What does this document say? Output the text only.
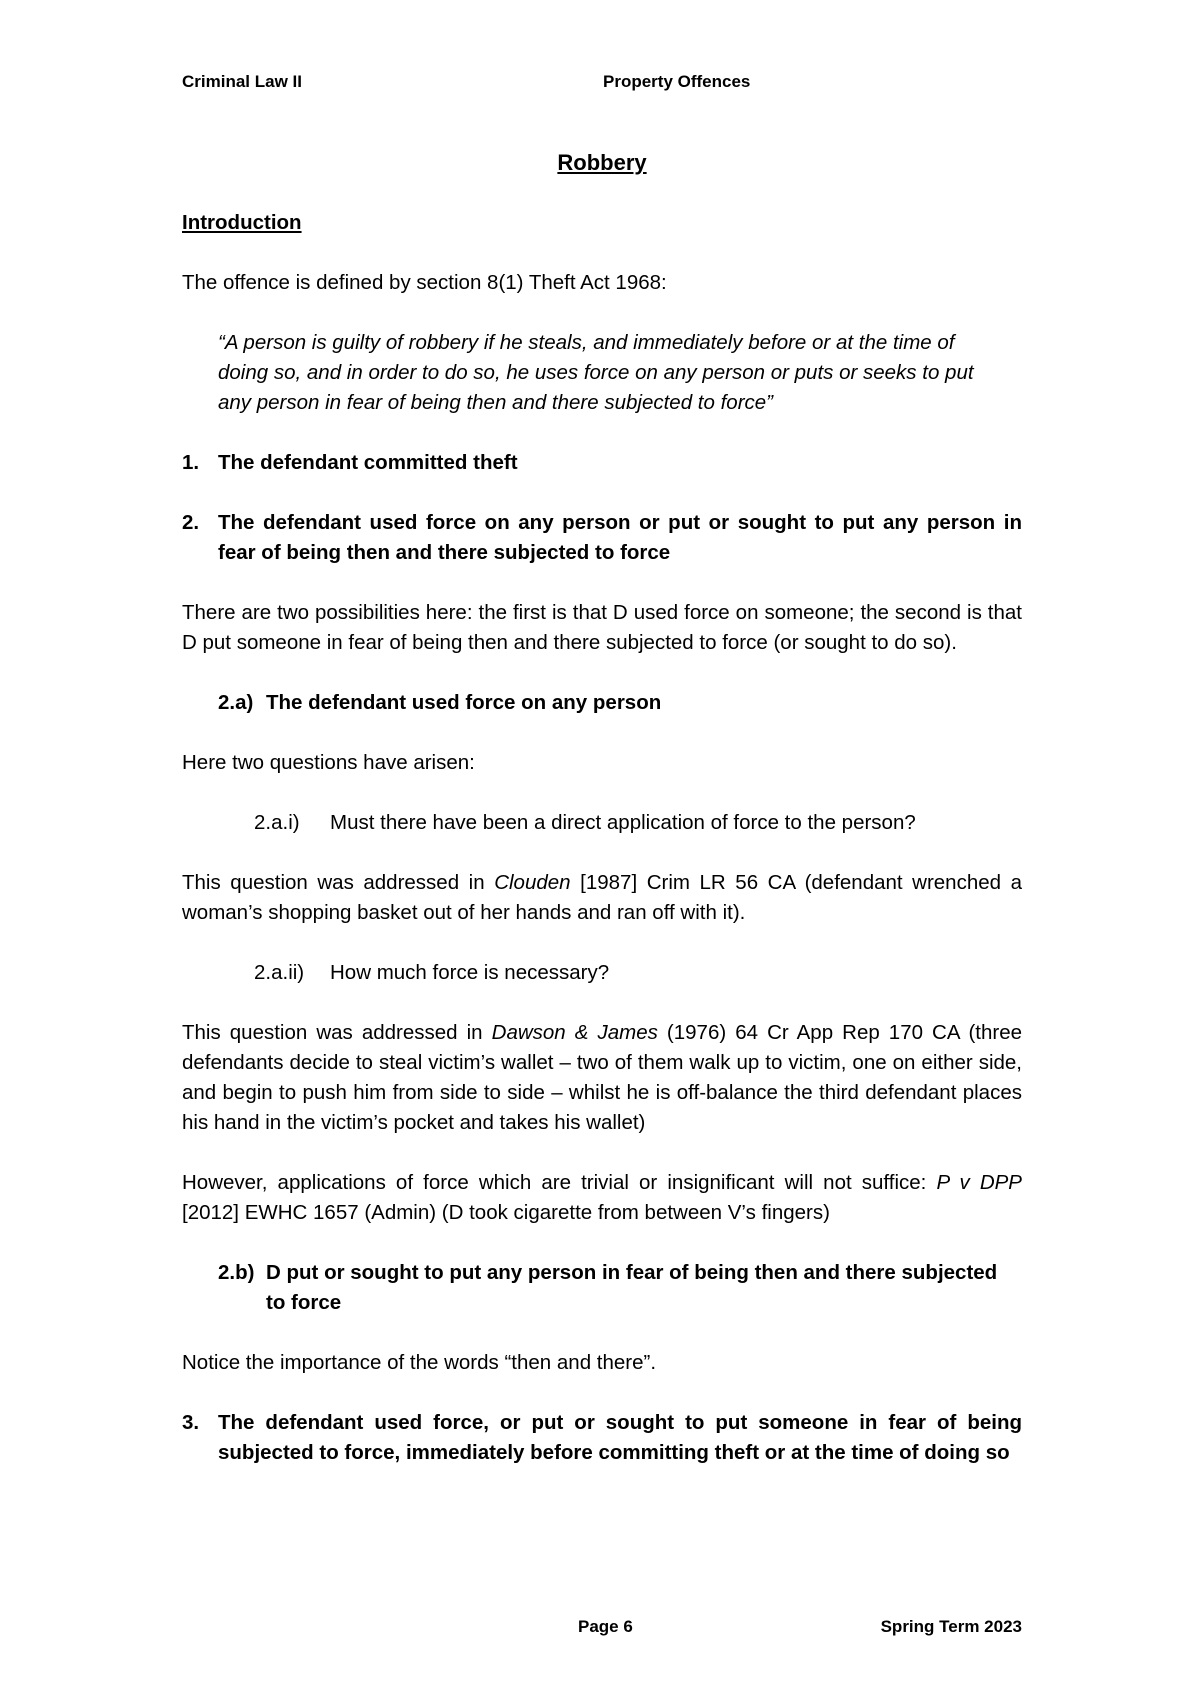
Criminal Law II	Property Offences
Robbery
Introduction

The offence is defined by section 8(1) Theft Act 1968:

“A person is guilty of robbery if he steals, and immediately before or at the time of doing so, and in order to do so, he uses force on any person or puts or seeks to put any person in fear of being then and there subjected to force”

1. The defendant committed theft
2. The defendant used force on any person or put or sought to put any person in fear of being then and there subjected to force

There are two possibilities here: the first is that D used force on someone; the second is that D put someone in fear of being then and there subjected to force (or sought to do so).

2.a) The defendant used force on any person

Here two questions have arisen:

2.a.i)	Must there have been a direct application of force to the person?

This question was addressed in Clouden [1987] Crim LR 56 CA (defendant wrenched a woman’s shopping basket out of her hands and ran off with it).

2.a.ii)	How much force is necessary?

This question was addressed in Dawson & James (1976) 64 Cr App Rep 170 CA (three defendants decide to steal victim’s wallet – two of them walk up to victim, one on either side, and begin to push him from side to side – whilst he is off-balance the third defendant places his hand in the victim’s pocket and takes his wallet)

However, applications of force which are trivial or insignificant will not suffice: P v DPP [2012] EWHC 1657 (Admin) (D took cigarette from between V’s fingers)

2.b) D put or sought to put any person in fear of being then and there subjected to force

Notice the importance of the words “then and there”.

3. The defendant used force, or put or sought to put someone in fear of being subjected to force, immediately before committing theft or at the time of doing so
Page 6	Spring Term 2023
